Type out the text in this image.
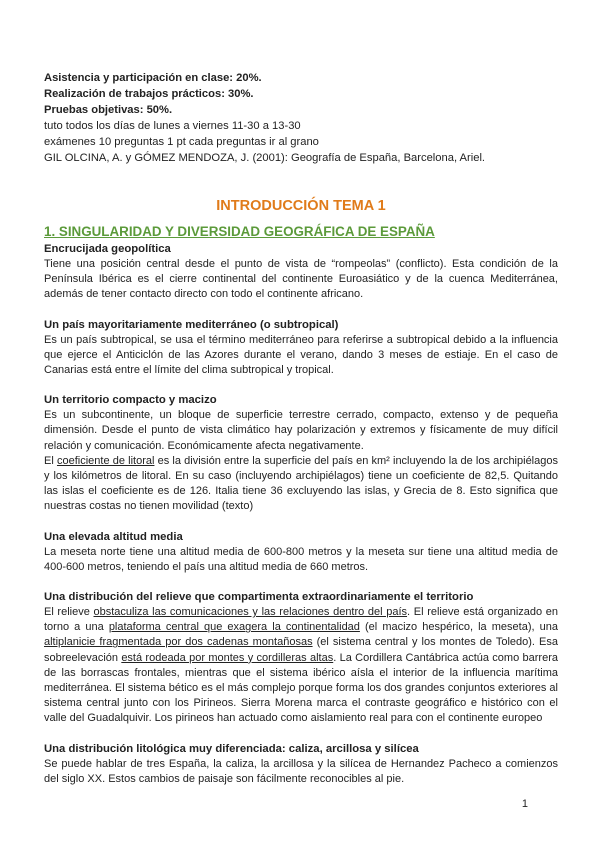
Asistencia y participación en clase: 20%.
Realización de trabajos prácticos: 30%.
Pruebas objetivas: 50%.
tuto todos los días de lunes a viernes 11-30 a 13-30
exámenes 10 preguntas 1 pt cada preguntas ir al grano
GIL OLCINA, A. y GÓMEZ MENDOZA, J. (2001): Geografía de España, Barcelona, Ariel.
INTRODUCCIÓN TEMA 1
1. SINGULARIDAD Y DIVERSIDAD GEOGRÁFICA DE ESPAÑA
Encrucijada geopolítica
Tiene una posición central desde el punto de vista de “rompeolas” (conflicto). Esta condición de la Península Ibérica es el cierre continental del continente Euroasiático y de la cuenca Mediterránea, además de tener contacto directo con todo el continente africano.
Un país mayoritariamente mediterráneo (o subtropical)
Es un país subtropical, se usa el término mediterráneo para referirse a subtropical debido a la influencia que ejerce el Anticiclón de las Azores durante el verano, dando 3 meses de estiaje. En el caso de Canarias está entre el límite del clima subtropical y tropical.
Un territorio compacto y macizo
Es un subcontinente, un bloque de superficie terrestre cerrado, compacto, extenso y de pequeña dimensión. Desde el punto de vista climático hay polarización y extremos y físicamente de muy difícil relación y comunicación. Económicamente afecta negativamente.
El coeficiente de litoral es la división entre la superficie del país en km² incluyendo la de los archipiélagos y los kilómetros de litoral. En su caso (incluyendo archipiélagos) tiene un coeficiente de 82,5. Quitando las islas el coeficiente es de 126. Italia tiene 36 excluyendo las islas, y Grecia de 8. Esto significa que nuestras costas no tienen movilidad (texto)
Una elevada altitud media
La meseta norte tiene una altitud media de 600-800 metros y la meseta sur tiene una altitud media de 400-600 metros, teniendo el país una altitud media de 660 metros.
Una distribución del relieve que compartimenta extraordinariamente el territorio
El relieve obstaculiza las comunicaciones y las relaciones dentro del país. El relieve está organizado en torno a una plataforma central que exagera la continentalidad (el macizo hespérico, la meseta), una altiplanicie fragmentada por dos cadenas montañosas (el sistema central y los montes de Toledo). Esa sobreelevación está rodeada por montes y cordilleras altas. La Cordillera Cantábrica actúa como barrera de las borrascas frontales, mientras que el sistema ibérico aísla el interior de la influencia marítima mediterránea. El sistema bético es el más complejo porque forma los dos grandes conjuntos exteriores al sistema central junto con los Pirineos. Sierra Morena marca el contraste geográfico e histórico con el valle del Guadalquivir. Los pirineos han actuado como aislamiento real para con el continente europeo
Una distribución litológica muy diferenciada: caliza, arcillosa y silícea
Se puede hablar de tres España, la caliza, la arcillosa y la silícea de Hernandez Pacheco a comienzos del siglo XX. Estos cambios de paisaje son fácilmente reconocibles al pie.
1
